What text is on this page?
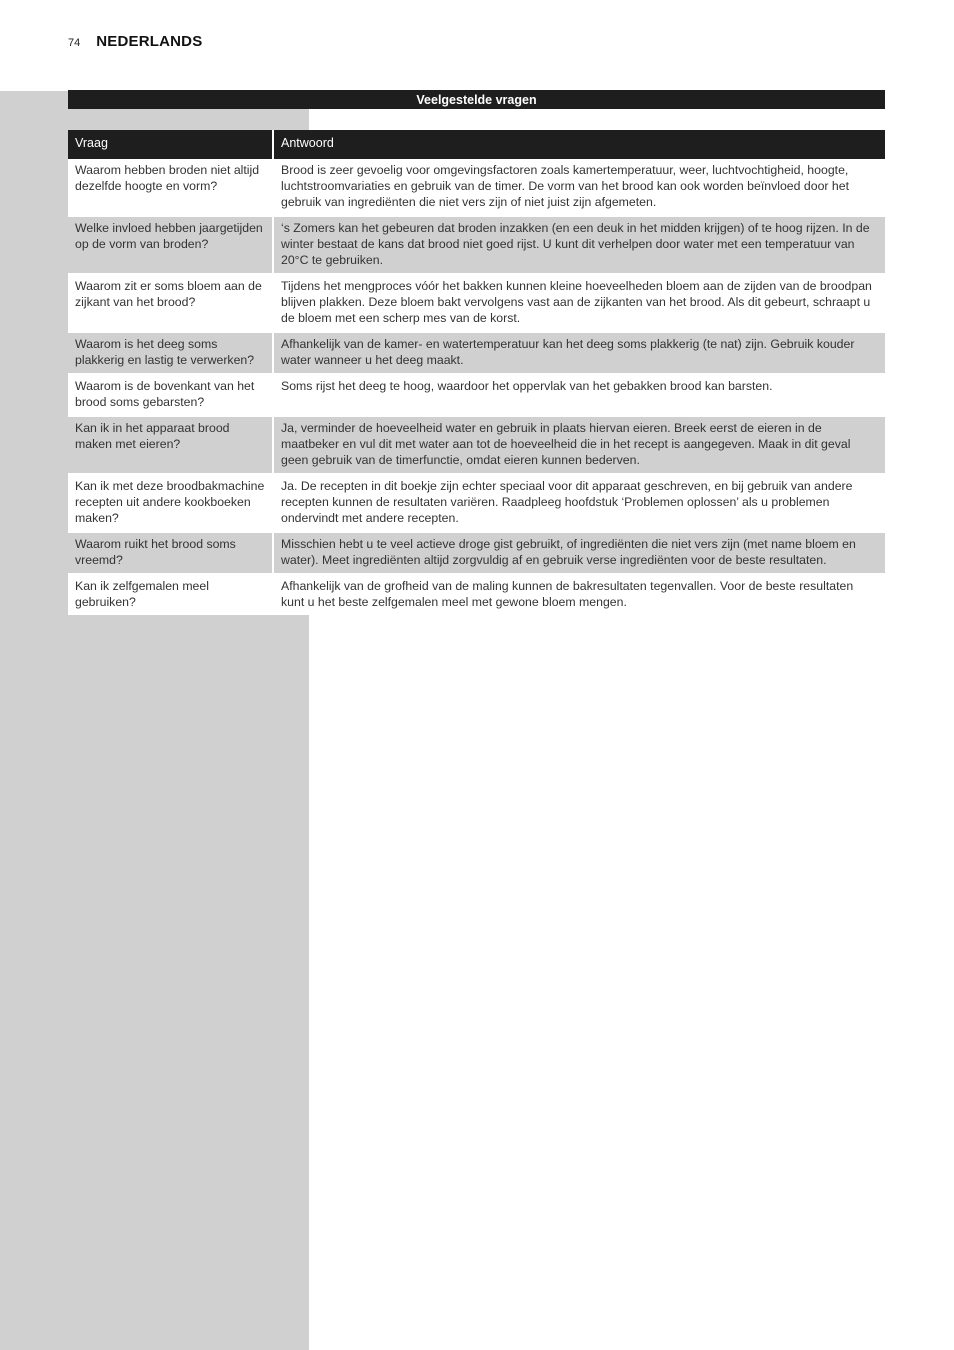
74 NEDERLANDS
Veelgestelde vragen
Vraag	Antwoord
Waarom hebben broden niet altijd dezelfde hoogte en vorm?	Brood is zeer gevoelig voor omgevingsfactoren zoals kamertemperatuur, weer, luchtvochtigheid, hoogte, luchtstroomvariaties en gebruik van de timer. De vorm van het brood kan ook worden beïnvloed door het gebruik van ingrediënten die niet vers zijn of niet juist zijn afgemeten.
Welke invloed hebben jaargetijden op de vorm van broden?	‘s Zomers kan het gebeuren dat broden inzakken (en een deuk in het midden krijgen) of te hoog rijzen. In de winter bestaat de kans dat brood niet goed rijst. U kunt dit verhelpen door water met een temperatuur van 20°C te gebruiken.
Waarom zit er soms bloem aan de zijkant van het brood?	Tijdens het mengproces vóór het bakken kunnen kleine hoeveelheden bloem aan de zijden van de broodpan blijven plakken. Deze bloem bakt vervolgens vast aan de zijkanten van het brood. Als dit gebeurt, schraapt u de bloem met een scherp mes van de korst.
Waarom is het deeg soms plakkerig en lastig te verwerken?	Afhankelijk van de kamer- en watertemperatuur kan het deeg soms plakkerig (te nat) zijn. Gebruik kouder water wanneer u het deeg maakt.
Waarom is de bovenkant van het brood soms gebarsten?	Soms rijst het deeg te hoog, waardoor het oppervlak van het gebakken brood kan barsten.
Kan ik in het apparaat brood maken met eieren?	Ja, verminder de hoeveelheid water en gebruik in plaats hiervan eieren. Breek eerst de eieren in de maatbeker en vul dit met water aan tot de hoeveelheid die in het recept is aangegeven. Maak in dit geval geen gebruik van de timerfunctie, omdat eieren kunnen bederven.
Kan ik met deze broodbakmachine recepten uit andere kookboeken maken?	Ja. De recepten in dit boekje zijn echter speciaal voor dit apparaat geschreven, en bij gebruik van andere recepten kunnen de resultaten variëren. Raadpleeg hoofdstuk ‘Problemen oplossen’ als u problemen ondervindt met andere recepten.
Waarom ruikt het brood soms vreemd?	Misschien hebt u te veel actieve droge gist gebruikt, of ingrediënten die niet vers zijn (met name bloem en water). Meet ingrediënten altijd zorgvuldig af en gebruik verse ingrediënten voor de beste resultaten.
Kan ik zelfgemalen meel gebruiken?	Afhankelijk van de grofheid van de maling kunnen de bakresultaten tegenvallen. Voor de beste resultaten kunt u het beste zelfgemalen meel met gewone bloem mengen.
